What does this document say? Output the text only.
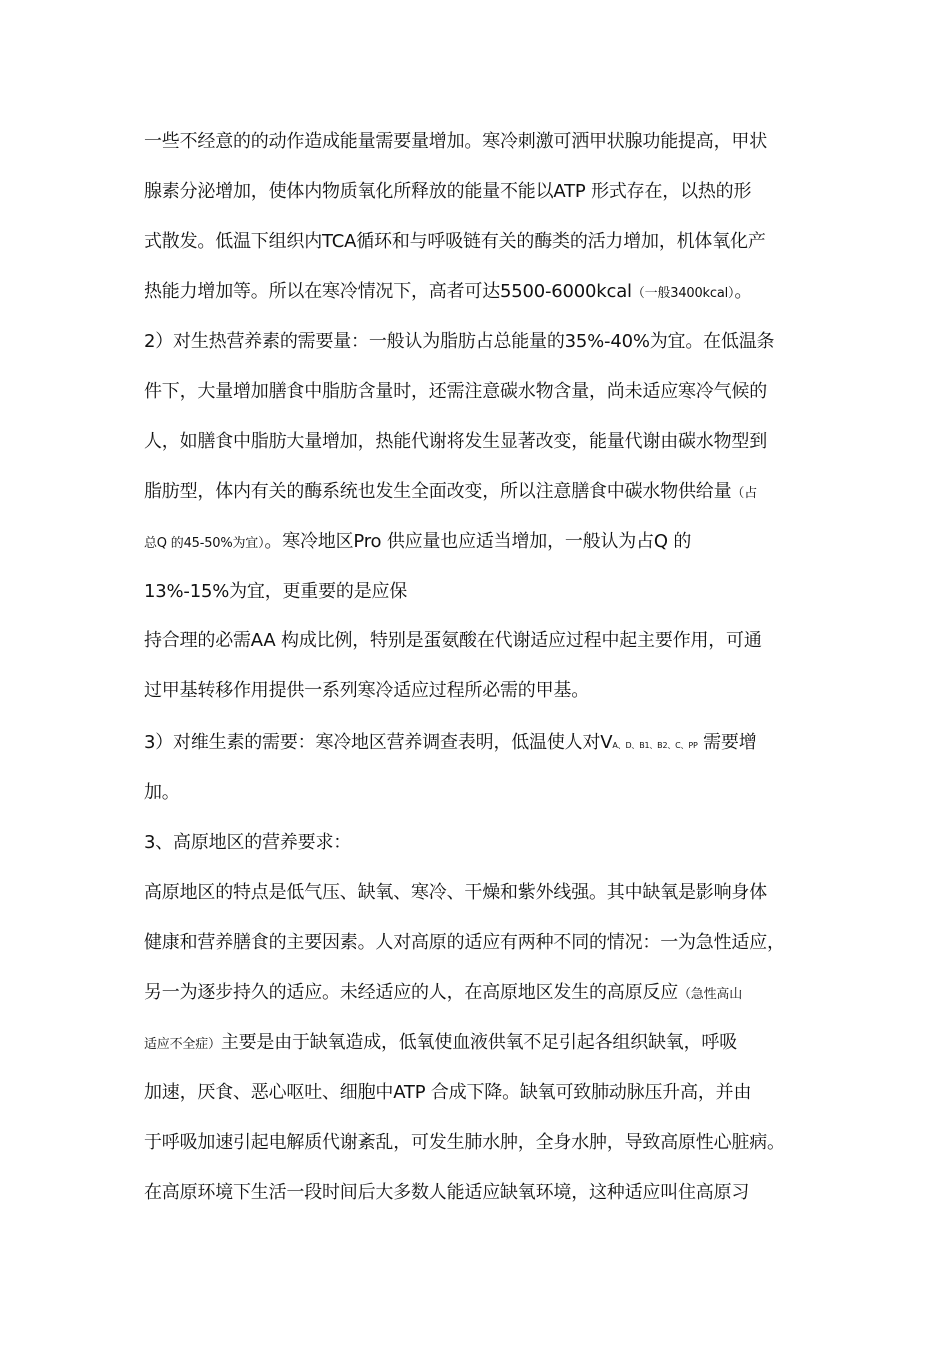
一些不经意的的动作造成能量需要量增加。寒冷刺激可洒甲状腺功能提高，甲状
腺素分泌增加，使体内物质氧化所释放的能量不能以ATP 形式存在，以热的形
式散发。低温下组织内TCA循环和与呼吸链有关的酶类的活力增加，机体氧化产
热能力增加等。所以在寒冷情况下，高者可达5500-6000kcal（一般3400kcal）。
2）对生热营养素的需要量：一般认为脂肪占总能量的35%-40%为宜。在低温条
件下，大量增加膳食中脂肪含量时，还需注意碳水物含量，尚未适应寒冷气候的
人，如膳食中脂肪大量增加，热能代谢将发生显著改变，能量代谢由碳水物型到
脂肪型，体内有关的酶系统也发生全面改变，所以注意膳食中碳水物供给量（占
总Q 的45-50%为宜）。寒冷地区Pro 供应量也应适当增加，一般认为占Q 的
13%-15%为宜，更重要的是应保
持合理的必需AA 构成比例，特别是蛋氨酸在代谢适应过程中起主要作用，可通
过甲基转移作用提供一系列寒冷适应过程所必需的甲基。
3）对维生素的需要：寒冷地区营养调查表明，低温使人对VA、D、B1、B2、C、PP 需要增
加。
3、高原地区的营养要求：
高原地区的特点是低气压、缺氧、寒冷、干燥和紫外线强。其中缺氧是影响身体
健康和营养膳食的主要因素。人对高原的适应有两种不同的情况：一为急性适应，
另一为逐步持久的适应。未经适应的人，在高原地区发生的高原反应（急性高山
适应不全症）主要是由于缺氧造成，低氧使血液供氧不足引起各组织缺氧，呼吸
加速，厌食、恶心呕吐、细胞中ATP 合成下降。缺氧可致肺动脉压升高，并由
于呼吸加速引起电解质代谢紊乱，可发生肺水肿，全身水肿，导致高原性心脏病。
在高原环境下生活一段时间后大多数人能适应缺氧环境，这种适应叫住高原习
